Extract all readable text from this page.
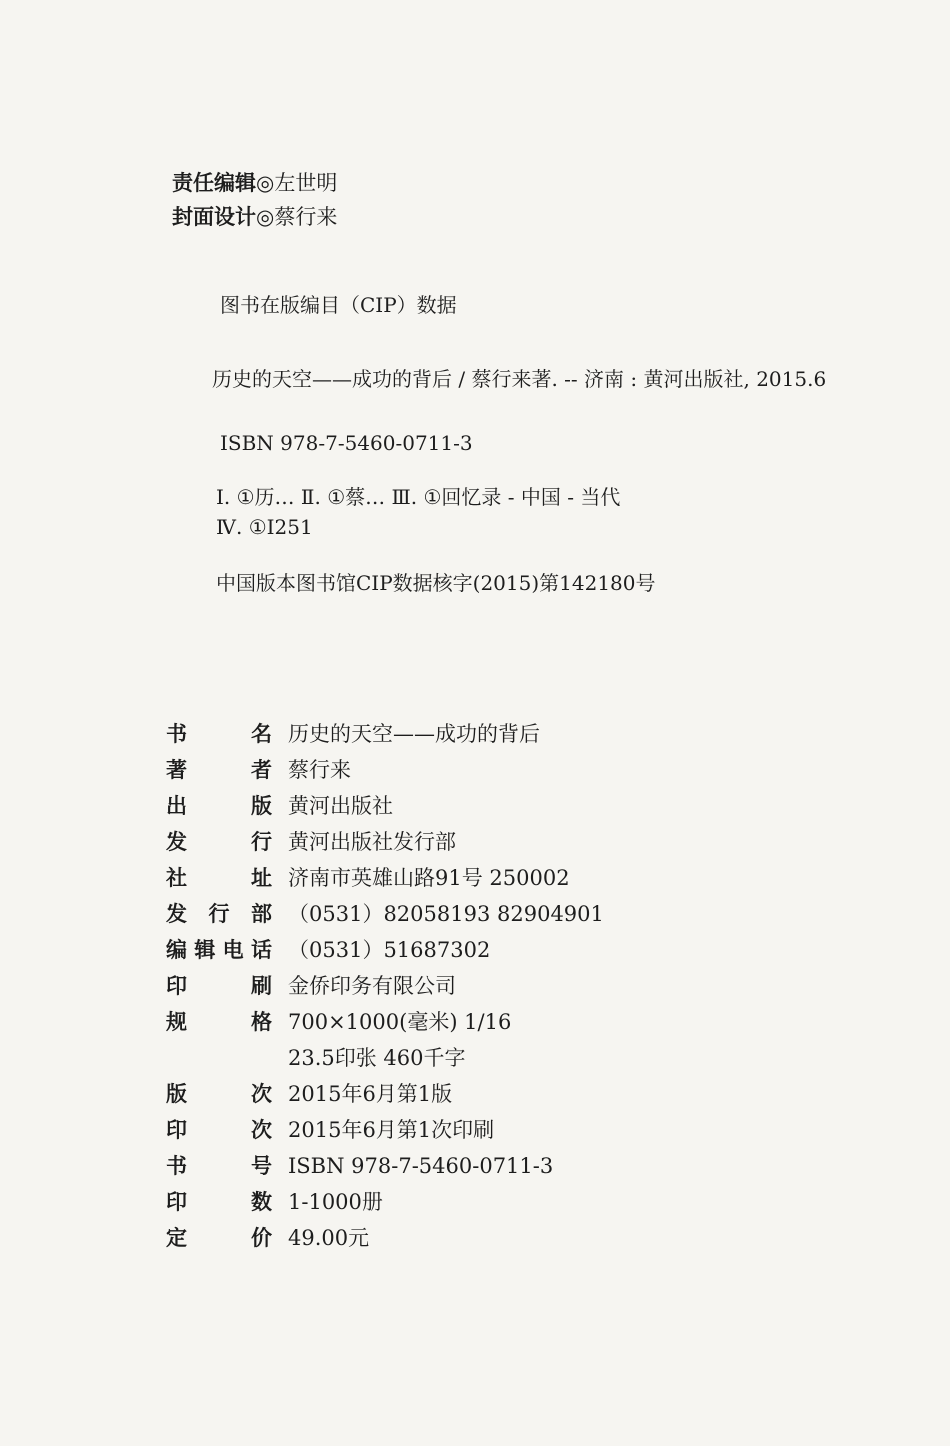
责任编辑 ◎左世明
封面设计 ◎蔡行来
图书在版编目（CIP）数据
历史的天空——成功的背后 / 蔡行来著. -- 济南 : 黄河出版社, 2015.6
ISBN 978-7-5460-0711-3
Ⅰ. ①历… Ⅱ. ①蔡… Ⅲ. ①回忆录 - 中国 - 当代
Ⅳ. ①I251
中国版本图书馆CIP数据核字(2015)第142180号
书	名 历史的天空——成功的背后
著	者 蔡行来
出	版 黄河出版社
发	行 黄河出版社发行部
社	址 济南市英雄山路91号 250002
发 行 部 （0531）82058193 82904901
编 辑 电 话 （0531）51687302
印	刷 金侨印务有限公司
规	格 700×1000(毫米) 1/16
23.5印张 460千字
版	次 2015年6月第1版
印	次 2015年6月第1次印刷
书	号 ISBN 978-7-5460-0711-3
印	数 1-1000册
定	价 49.00元
